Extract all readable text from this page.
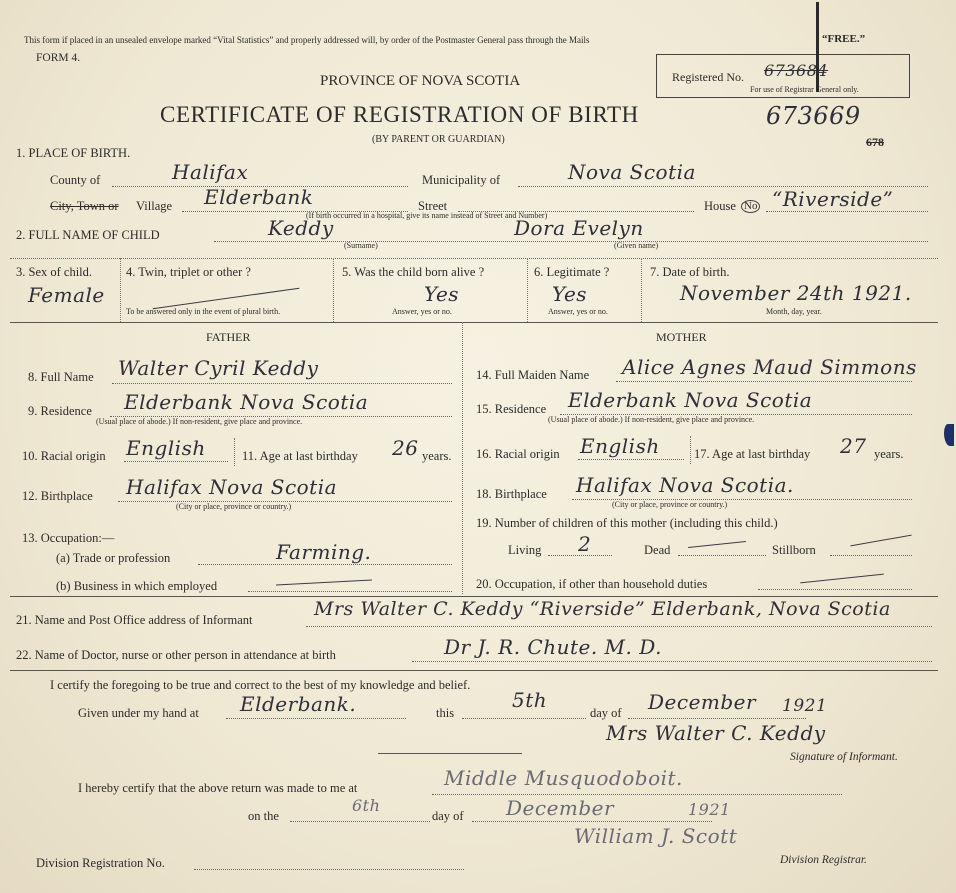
This form if placed in an unsealed envelope marked “Vital Statistics” and properly addressed will, by order of the Postmaster General pass through the Mails	“FREE.”
FORM 4.
PROVINCE OF NOVA SCOTIA
CERTIFICATE OF REGISTRATION OF BIRTH
(BY PARENT OR GUARDIAN)
Registered No. 673684
For use of Registrar General only.
673669
678
1. PLACE OF BIRTH.
County of	Halifax	Municipality of	Nova Scotia
City, Town or Village Elderbank	Street	House No “Riverside”
(If birth occurred in a hospital, give its name instead of Street and Number)
2. FULL NAME OF CHILD	Keddy
(Surname)
Dora Evelyn
(Given name)
3. Sex of child.
Female
4. Twin, triplet or other ?
To be answered only in the event of plural birth.
5. Was the child born alive ?
Yes
Answer, yes or no.
6. Legitimate ?
Yes
Answer, yes or no.
7. Date of birth.
November 24th 1921.
Month, day, year.
FATHER	MOTHER
8. Full Name Walter Cyril Keddy
9. Residence Elderbank Nova Scotia
(Usual place of abode.) If non-resident, give place and province.
10. Racial origin English	11. Age at last birthday 26 years.
12. Birthplace Halifax Nova Scotia
(City or place, province or country.)
13. Occupation:—
(a) Trade or profession	Farming.
(b) Business in which employed
14. Full Maiden Name Alice Agnes Maud Simmons
15. Residence Elderbank Nova Scotia
(Usual place of abode.) If non-resident, give place and province.
16. Racial origin English	17. Age at last birthday 27 years.
18. Birthplace Halifax Nova Scotia.
(City or place, province or country.)
19. Number of children of this mother (including this child.)
Living 2	Dead	Stillborn
20. Occupation, if other than household duties
21. Name and Post Office address of Informant	Mrs Walter C. Keddy “Riverside” Elderbank, Nova Scotia
22. Name of Doctor, nurse or other person in attendance at birth	Dr J. R. Chute. M. D.
I certify the foregoing to be true and correct to the best of my knowledge and belief.
Given under my hand at Elderbank.	this
5th
day of December 1921
Mrs Walter C. Keddy
Signature of Informant.
I hereby certify that the above return was made to me at	Middle Musquodoboit.
on the
6th
day of December	1921
Division Registration No.
William J. Scott
Division Registrar.
